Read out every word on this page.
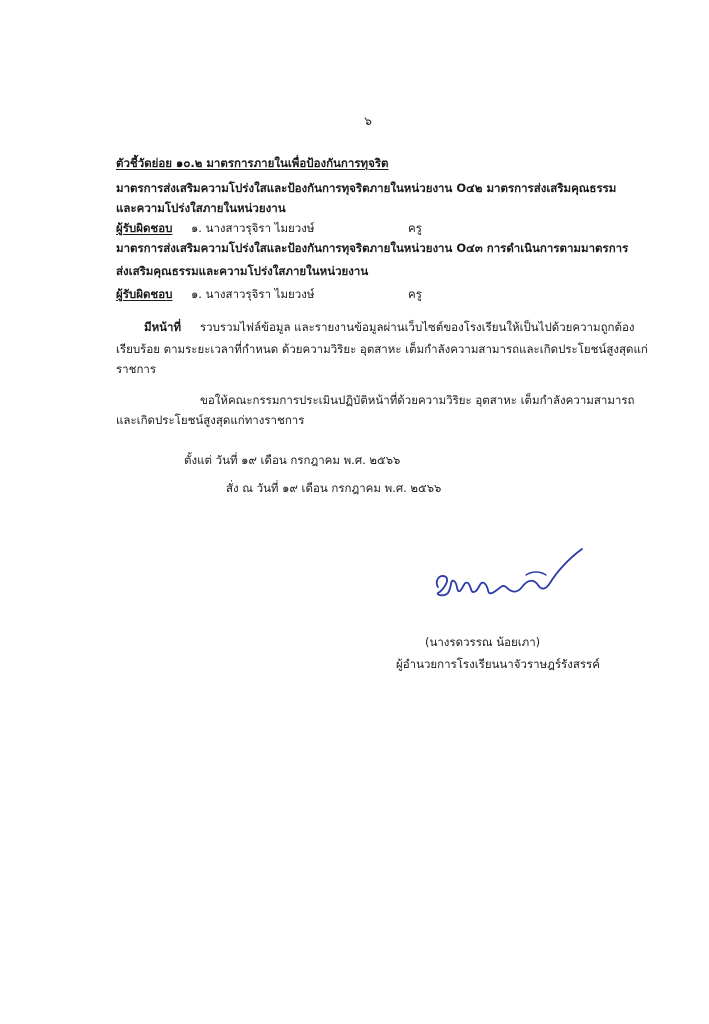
๖
ตัวชี้วัดย่อย ๑๐.๒ มาตรการภายในเพื่อป้องกันการทุจริต
มาตรการส่งเสริมความโปร่งใสและป้องกันการทุจริตภายในหน่วยงาน O๔๒ มาตรการส่งเสริมคุณธรรม
และความโปร่งใสภายในหน่วยงาน
ผู้รับผิดชอบ ๑. นางสาวรุจิรา ไมยวงษ์	ครู
มาตรการส่งเสริมความโปร่งใสและป้องกันการทุจริตภายในหน่วยงาน O๔๓ การดำเนินการตามมาตรการ
ส่งเสริมคุณธรรมและความโปร่งใสภายในหน่วยงาน
ผู้รับผิดชอบ ๑. นางสาวรุจิรา ไมยวงษ์	ครู
มีหน้าที่ รวบรวมไฟล์ข้อมูล และรายงานข้อมูลผ่านเว็บไซต์ของโรงเรียนให้เป็นไปด้วยความถูกต้อง
เรียบร้อย ตามระยะเวลาที่กำหนด ด้วยความวิริยะ อุตสาหะ เต็มกำลังความสามารถและเกิดประโยชน์สูงสุดแก่
ราชการ
ขอให้คณะกรรมการประเมินปฏิบัติหน้าที่ด้วยความวิริยะ อุตสาหะ เต็มกำลังความสามารถ
และเกิดประโยชน์สูงสุดแก่ทางราชการ
ตั้งแต่ วันที่ ๑๙ เดือน กรกฎาคม พ.ศ. ๒๕๖๖
สั่ง ณ วันที่ ๑๙ เดือน กรกฎาคม พ.ศ. ๒๕๖๖
(นางรดวรรณ น้อยเภา)
ผู้อำนวยการโรงเรียนนาจัวราษฎร์รังสรรค์
